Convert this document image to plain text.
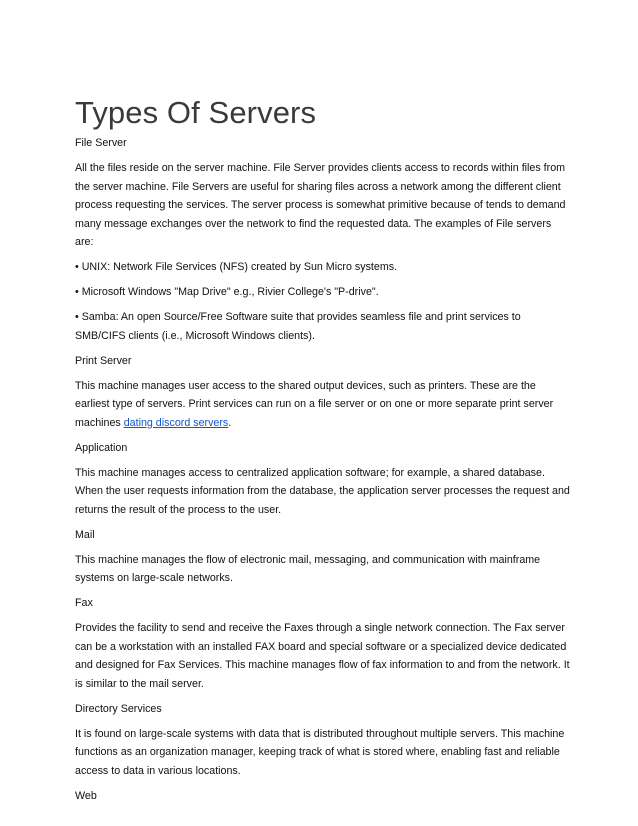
Types Of Servers

File Server

All the files reside on the server machine. File Server provides clients access to records within files from the server machine. File Servers are useful for sharing files across a network among the different client process requesting the services. The server process is somewhat primitive because of tends to demand many message exchanges over the network to find the requested data. The examples of File servers are:

• UNIX: Network File Services (NFS) created by Sun Micro systems.

• Microsoft Windows "Map Drive" e.g., Rivier College's "P-drive".

• Samba: An open Source/Free Software suite that provides seamless file and print services to SMB/CIFS clients (i.e., Microsoft Windows clients).

Print Server

This machine manages user access to the shared output devices, such as printers. These are the earliest type of servers. Print services can run on a file server or on one or more separate print server machines dating discord servers.

Application

This machine manages access to centralized application software; for example, a shared database. When the user requests information from the database, the application server processes the request and returns the result of the process to the user.

Mail

This machine manages the flow of electronic mail, messaging, and communication with mainframe systems on large-scale networks.

Fax

Provides the facility to send and receive the Faxes through a single network connection. The Fax server can be a workstation with an installed FAX board and special software or a specialized device dedicated and designed for Fax Services. This machine manages flow of fax information to and from the network. It is similar to the mail server.

Directory Services

It is found on large-scale systems with data that is distributed throughout multiple servers. This machine functions as an organization manager, keeping track of what is stored where, enabling fast and reliable access to data in various locations.

Web
